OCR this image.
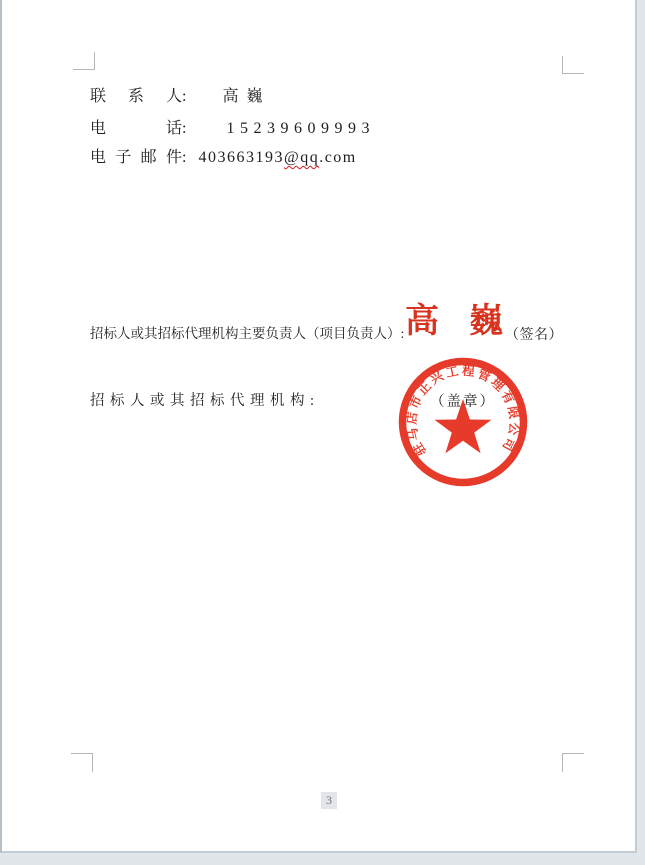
联系人: 高巍
电话:	15239609993
电子邮件: 403663193@qq.com
招标人或其招标代理机构主要负责人（项目负责人）: 高 巍 （签名）
招标人或其招标代理机构:	（盖章）
驻马店市正兴工程管理有限公司
3
